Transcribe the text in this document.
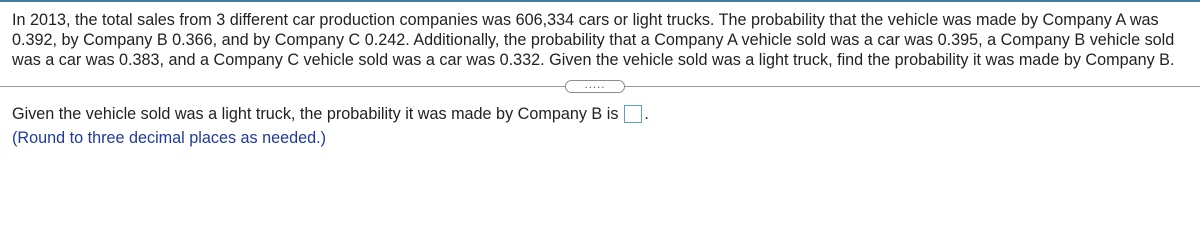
In 2013, the total sales from 3 different car production companies was 606,334 cars or light trucks. The probability that the vehicle was made by Company A was 0.392, by Company B 0.366, and by Company C 0.242. Additionally, the probability that a Company A vehicle sold was a car was 0.395, a Company B vehicle sold was a car was 0.383, and a Company C vehicle sold was a car was 0.332. Given the vehicle sold was a light truck, find the probability it was made by Company B.

.....
Given the vehicle sold was a light truck, the probability it was made by Company B is .
(Round to three decimal places as needed.)
